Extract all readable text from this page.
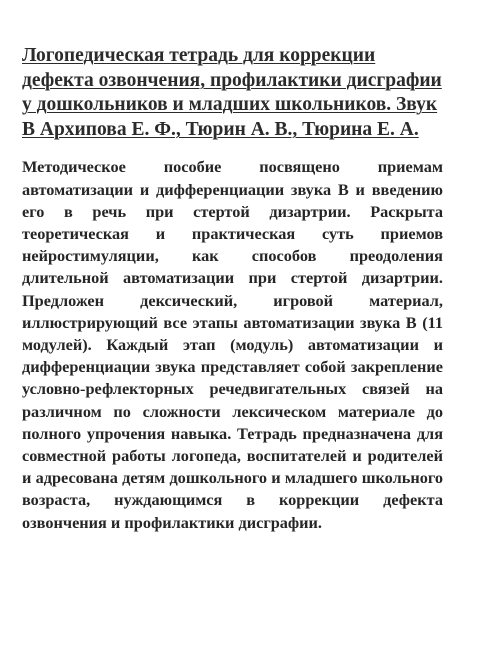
Логопедическая тетрадь для коррекции дефекта озвончения, профилактики дисграфии у дошкольников и младших школьников. Звук В Архипова Е. Ф., Тюрин А. В., Тюрина Е. А.

Методическое пособие посвящено приемам автоматизации и дифференциации звука В и введению его в речь при стертой дизартрии. Раскрыта теоретическая и практическая суть приемов нейростимуляции, как способов преодоления длительной автоматизации при стертой дизартрии. Предложен дексический, игровой материал, иллюстрирующий все этапы автоматизации звука В (11 модулей). Каждый этап (модуль) автоматизации и дифференциации звука представляет собой закрепление условно-рефлекторных речедвигательных связей на различном по сложности лексическом материале до полного упрочения навыка. Тетрадь предназначена для совместной работы логопеда, воспитателей и родителей и адресована детям дошкольного и младшего школьного возраста, нуждающимся в коррекции дефекта озвончения и профилактики дисграфии.
